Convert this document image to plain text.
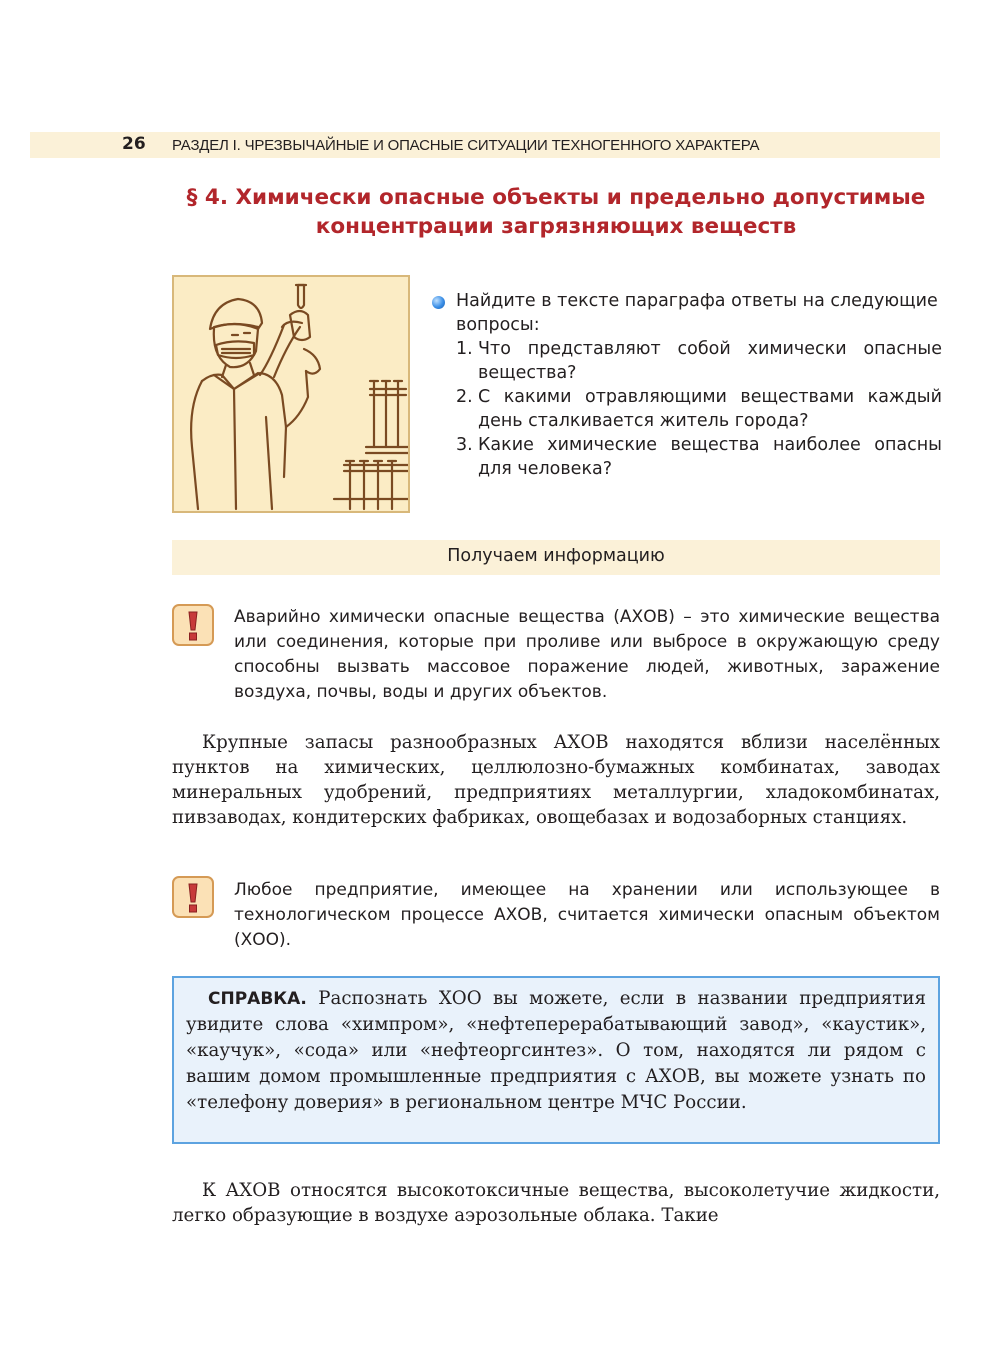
26 РАЗДЕЛ I. ЧРЕЗВЫЧАЙНЫЕ И ОПАСНЫЕ СИТУАЦИИ ТЕХНОГЕННОГО ХАРАКТЕРА
§ 4. Химически опасные объекты и предельно допустимые
концентрации загрязняющих веществ
Найдите в тексте параграфа ответы на следующие вопросы:
1. Что представляют собой химически опасные вещества?
2. С какими отравляющими веществами каждый день сталкивается житель города?
3. Какие химические вещества наиболее опасны для человека?
Получаем информацию
Аварийно химически опасные вещества (АХОВ) – это химические вещества или соединения, которые при проливе или выбросе в окружающую среду способны вызвать массовое поражение людей, животных, заражение воздуха, почвы, воды и других объектов.
Крупные запасы разнообразных АХОВ находятся вблизи населённых пунктов на химических, целлюлозно-бумажных комбинатах, заводах минеральных удобрений, предприятиях металлургии, хладокомбинатах, пивзаводах, кондитерских фабриках, овощебазах и водозаборных станциях.
Любое предприятие, имеющее на хранении или использующее в технологическом процессе АХОВ, считается химически опасным объектом (ХОО).
СПРАВКА. Распознать ХОО вы можете, если в названии предприятия увидите слова «химпром», «нефтеперерабатывающий завод», «каустик», «каучук», «сода» или «нефтеоргсинтез». О том, находятся ли рядом с вашим домом промышленные предприятия с АХОВ, вы можете узнать по «телефону доверия» в региональном центре МЧС России.
К АХОВ относятся высокотоксичные вещества, высоколетучие жидкости, легко образующие в воздухе аэрозольные облака. Такие
